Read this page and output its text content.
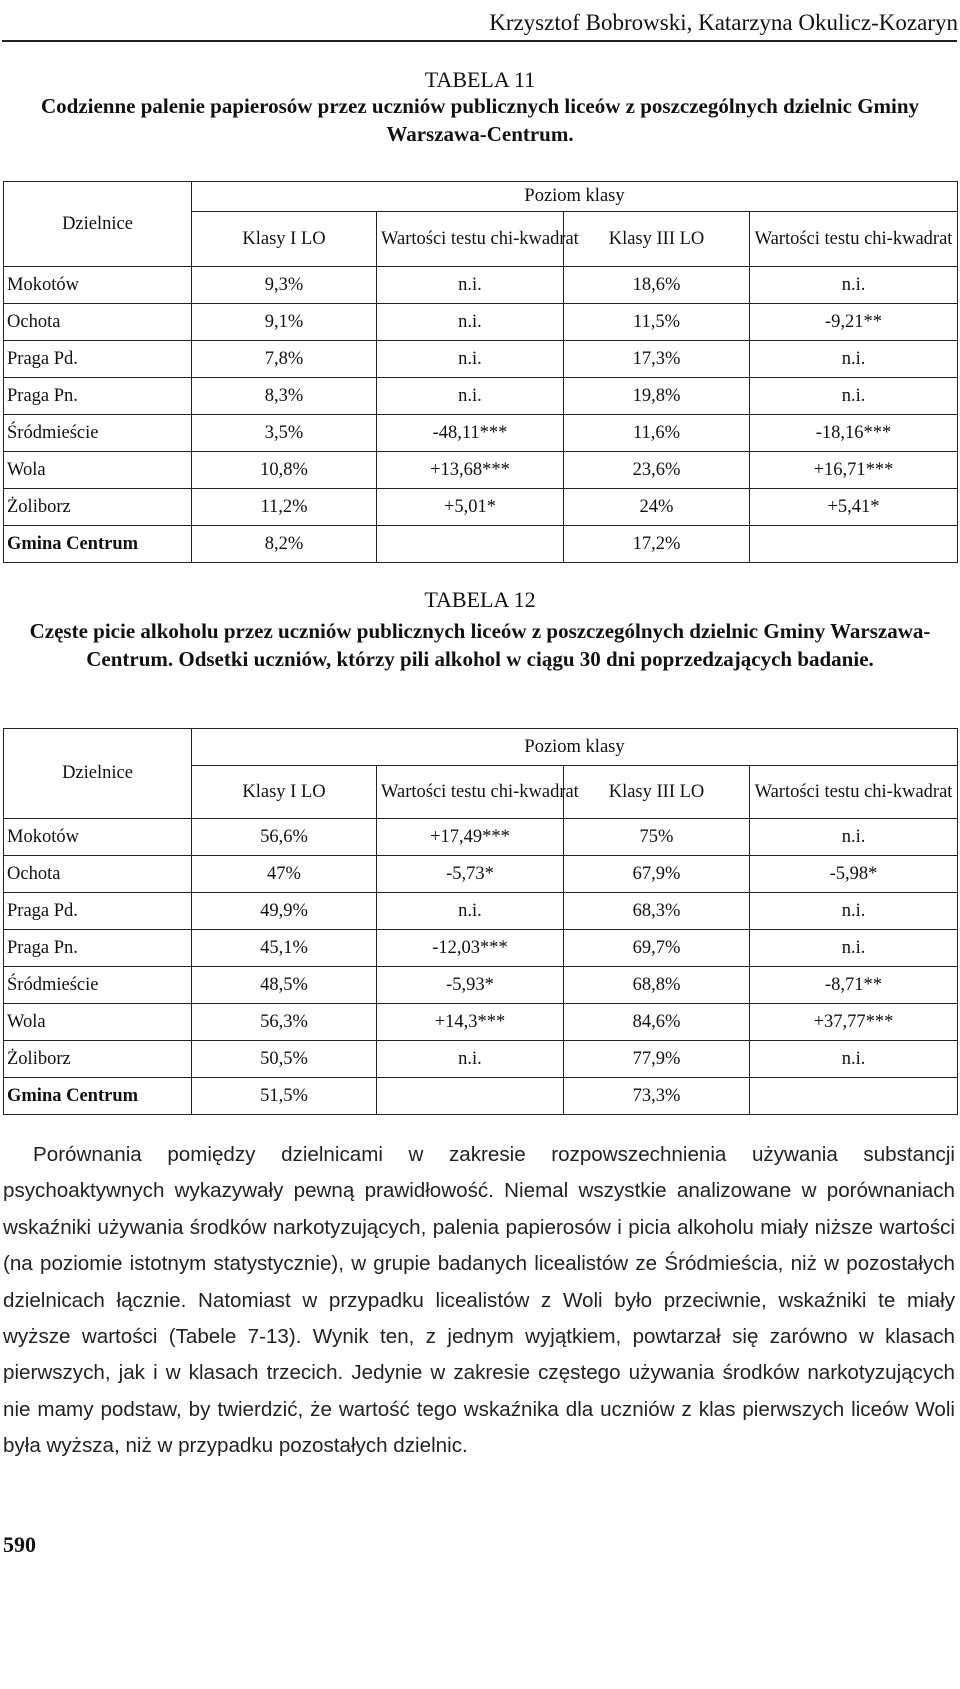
Krzysztof Bobrowski, Katarzyna Okulicz-Kozaryn
TABELA 11
Codzienne palenie papierosów przez uczniów publicznych liceów z poszczególnych dzielnic Gminy Warszawa-Centrum.
Dzielnice	Poziom klasy			
	Klasy I LO	Wartości testu chi-kwadrat	Klasy III LO	Wartości testu chi-kwadrat
Mokotów	9,3%	n.i.	18,6%	n.i.
Ochota	9,1%	n.i.	11,5%	-9,21**
Praga Pd.	7,8%	n.i.	17,3%	n.i.
Praga Pn.	8,3%	n.i.	19,8%	n.i.
Śródmieście	3,5%	-48,11***	11,6%	-18,16***
Wola	10,8%	+13,68***	23,6%	+16,71***
Żoliborz	11,2%	+5,01*	24%	+5,41*
Gmina Centrum	8,2%		17,2%	
TABELA 12
Częste picie alkoholu przez uczniów publicznych liceów z poszczególnych dzielnic Gminy Warszawa-Centrum. Odsetki uczniów, którzy pili alkohol w ciągu 30 dni poprzedzających badanie.
Dzielnice	Poziom klasy			
	Klasy I LO	Wartości testu chi-kwadrat	Klasy III LO	Wartości testu chi-kwadrat
Mokotów	56,6%	+17,49***	75%	n.i.
Ochota	47%	-5,73*	67,9%	-5,98*
Praga Pd.	49,9%	n.i.	68,3%	n.i.
Praga Pn.	45,1%	-12,03***	69,7%	n.i.
Śródmieście	48,5%	-5,93*	68,8%	-8,71**
Wola	56,3%	+14,3***	84,6%	+37,77***
Żoliborz	50,5%	n.i.	77,9%	n.i.
Gmina Centrum	51,5%		73,3%	

Porównania pomiędzy dzielnicami w zakresie rozpowszechnienia używania substancji psychoaktywnych wykazywały pewną prawidłowość. Niemal wszystkie analizowane w porównaniach wskaźniki używania środków narkotyzujących, palenia papierosów i picia alkoholu miały niższe wartości (na poziomie istotnym statystycznie), w grupie badanych licealistów ze Śródmieścia, niż w pozostałych dzielnicach łącznie. Natomiast w przypadku licealistów z Woli było przeciwnie, wskaźniki te miały wyższe wartości (Tabele 7-13). Wynik ten, z jednym wyjątkiem, powtarzał się zarówno w klasach pierwszych, jak i w klasach trzecich. Jedynie w zakresie częstego używania środków narkotyzujących nie mamy podstaw, by twierdzić, że wartość tego wskaźnika dla uczniów z klas pierwszych liceów Woli była wyższa, niż w przypadku pozostałych dzielnic.

590
